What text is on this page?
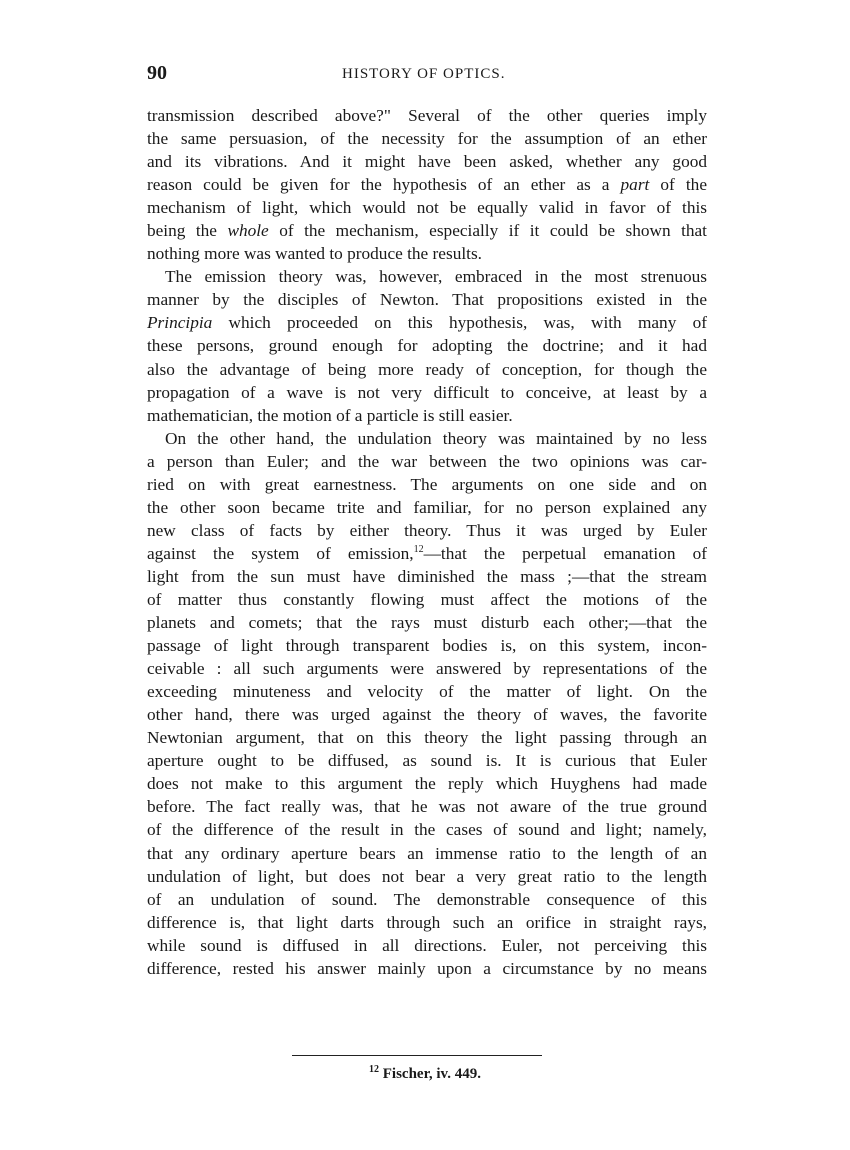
90	HISTORY OF OPTICS.
transmission described above?" Several of the other queries imply
the same persuasion, of the necessity for the assumption of an ether
and its vibrations. And it might have been asked, whether any good
reason could be given for the hypothesis of an ether as a part of the
mechanism of light, which would not be equally valid in favor of this
being the whole of the mechanism, especially if it could be shown that
nothing more was wanted to produce the results.
The emission theory was, however, embraced in the most strenuous
manner by the disciples of Newton. That propositions existed in the
Principia which proceeded on this hypothesis, was, with many of
these persons, ground enough for adopting the doctrine; and it had
also the advantage of being more ready of conception, for though the
propagation of a wave is not very difficult to conceive, at least by a
mathematician, the motion of a particle is still easier.
On the other hand, the undulation theory was maintained by no less
a person than Euler; and the war between the two opinions was car-
ried on with great earnestness. The arguments on one side and on
the other soon became trite and familiar, for no person explained any
new class of facts by either theory. Thus it was urged by Euler
against the system of emission,$^{12}$—that the perpetual emanation of
light from the sun must have diminished the mass ;—that the stream
of matter thus constantly flowing must affect the motions of the
planets and comets; that the rays must disturb each other;—that the
passage of light through transparent bodies is, on this system, incon-
ceivable : all such arguments were answered by representations of the
exceeding minuteness and velocity of the matter of light. On the
other hand, there was urged against the theory of waves, the favorite
Newtonian argument, that on this theory the light passing through an
aperture ought to be diffused, as sound is. It is curious that Euler
does not make to this argument the reply which Huyghens had made
before. The fact really was, that he was not aware of the true ground
of the difference of the result in the cases of sound and light; namely,
that any ordinary aperture bears an immense ratio to the length of an
undulation of light, but does not bear a very great ratio to the length
of an undulation of sound. The demonstrable consequence of this
difference is, that light darts through such an orifice in straight rays,
while sound is diffused in all directions. Euler, not perceiving this
difference, rested his answer mainly upon a circumstance by no means
$^{12}$ Fischer, iv. 449.
